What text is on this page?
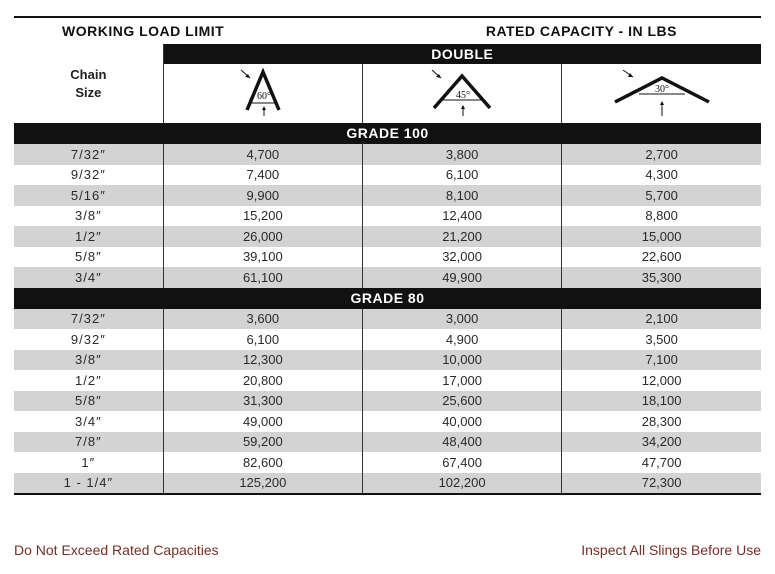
WORKING LOAD LIMIT	RATED CAPACITY - IN LBS
Chain
Size	DOUBLE		

60°	45°	30°

GRADE 100			
7/32″	4,700	3,800	2,700
9/32″	7,400	6,100	4,300
5/16″	9,900	8,100	5,700
3/8″	15,200	12,400	8,800
1/2″	26,000	21,200	15,000
5/8″	39,100	32,000	22,600
3/4″	61,100	49,900	35,300
GRADE 80			
7/32″	3,600	3,000	2,100
9/32″	6,100	4,900	3,500
3/8″	12,300	10,000	7,100
1/2″	20,800	17,000	12,000
5/8″	31,300	25,600	18,100
3/4″	49,000	40,000	28,300
7/8″	59,200	48,400	34,200
1″	82,600	67,400	47,700
1 - 1/4″	125,200	102,200	72,300
Do Not Exceed Rated Capacities	Inspect All Slings Before Use
